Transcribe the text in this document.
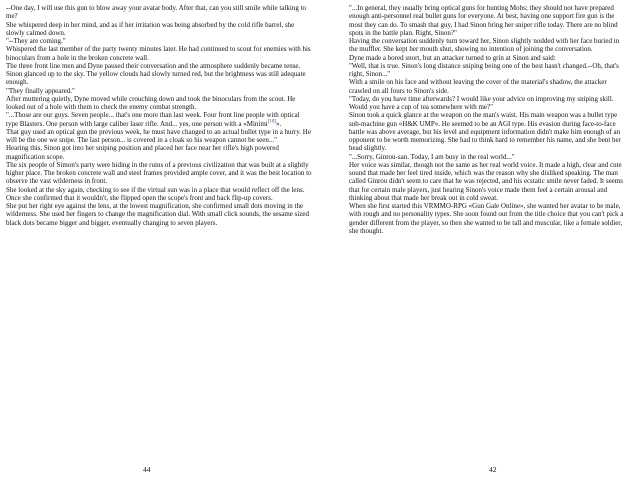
--One day, I will use this gun to blow away your avatar body. After that, can you still smile while talking to me?

She whispered deep in her mind, and as if her irritation was being absorbed by the cold rifle barrel, she slowly calmed down.

"--They are coming."

Whispered the last member of the party twenty minutes later. He had continued to scout for enemies with his binoculars from a hole in the broken concrete wall.

The three front line men and Dyne paused their conversation and the atmosphere suddenly became tense.

Sinon glanced up to the sky. The yellow clouds had slowly turned red, but the brightness was still adequate enough.

"They finally appeared."

After muttering quietly, Dyne moved while crouching down and took the binoculars from the scout. He looked out of a hole with them to check the enemy combat strength.

"...Those are our guys. Seven people... that's one more than last week. Four front line people with optical type Blasters. One person with large caliber laser rifle. And... yes, one person with a «Minimi[10]».

That guy used an optical gun the previous week, he must have changed to an actual bullet type in a hurry. He will be the one we snipe. The last person... is covered in a cloak so his weapon cannot be seen..."

Hearing this, Sinon got into her sniping position and placed her face near her rifle's high powered magnification scope.

The six people of Simon's party were hiding in the ruins of a previous civilization that was built at a slightly higher place. The broken concrete wall and steel frames provided ample cover, and it was the best location to observe the vast wilderness in front.

She looked at the sky again, checking to see if the virtual sun was in a place that would reflect off the lens. Once she confirmed that it wouldn't, she flipped open the scope's front and back flip-up covers.

She put her right eye against the lens, at the lowest magnification, she confirmed small dots moving in the wilderness. She used her fingers to change the magnification dial. With small click sounds, the sesame sized black dots became bigger and bigger, eventually changing to seven players.

44

"...In general, they usually bring optical guns for hunting Mobs; they should not have prepared enough anti-personnel real bullet guns for everyone. At best, having one support fire gun is the most they can do. To smash that guy, I had Sinon bring her sniper rifle today. There are no blind spots in the battle plan. Right, Sinon?"

Having the conversation suddenly turn toward her, Sinon slightly nodded with her face buried in the muffler. She kept her mouth shut, showing no intention of joining the conversation.

Dyne made a bored snort, but an attacker turned to grin at Sinon and said:

"Well, that is true. Sinon's long distance sniping being one of the best hasn't changed.--Oh, that's right, Sinon..."

With a smile on his face and without leaving the cover of the material's shadow, the attacker crawled on all fours to Sinon's side.

"Today, do you have time afterwards? I would like your advice on improving my sniping skill. Would you have a cup of tea somewhere with me?"

Sinon took a quick glance at the weapon on the man's waist. His main weapon was a bullet type sub-machine gun «H&K UMP». He seemed to be an AGI type. His evasion during face-to-face battle was above average, but his level and equipment information didn't make him enough of an opponent to be worth memorizing. She had to think hard to remember his name, and she bent her head slightly.

"...Sorry, Ginrou-san. Today, I am busy in the real world..."

Her voice was similar, though not the same as her real world voice. It made a high, clear and cute sound that made her feel tired inside, which was the reason why she disliked speaking. The man called Ginrou didn't seem to care that he was rejected, and his ecstatic smile never faded. It seems that for certain male players, just hearing Sinon's voice made them feel a certain arousal and thinking about that made her break out in cold sweat.

When she first started this VRMMO-RPG «Gun Gale Online», she wanted her avatar to be male, with rough and no personality types. She soon found out from the title choice that you can't pick a gender different from the player, so then she wanted to be tall and muscular, like a female soldier, she thought.

42
